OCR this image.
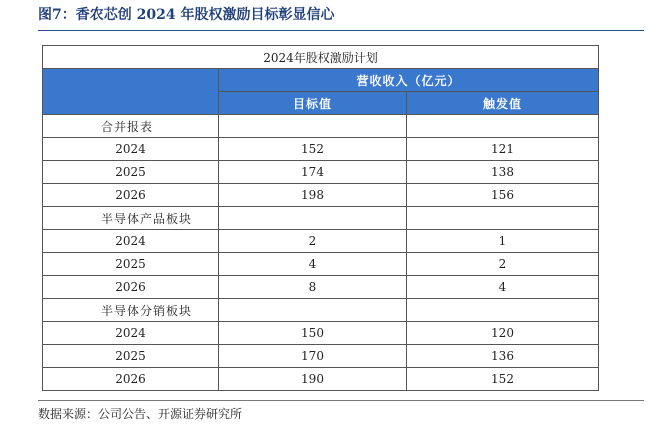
图7：香农芯创 2024 年股权激励目标彰显信心
2024年股权激励计划		
	营收收入（亿元）	
	目标值	触发值
合并报表		
2024	152	121
2025	174	138
2026	198	156
半导体产品板块		
2024	2	1
2025	4	2
2026	8	4
半导体分销板块		
2024	150	120
2025	170	136
2026	190	152
数据来源：公司公告、开源证券研究所
